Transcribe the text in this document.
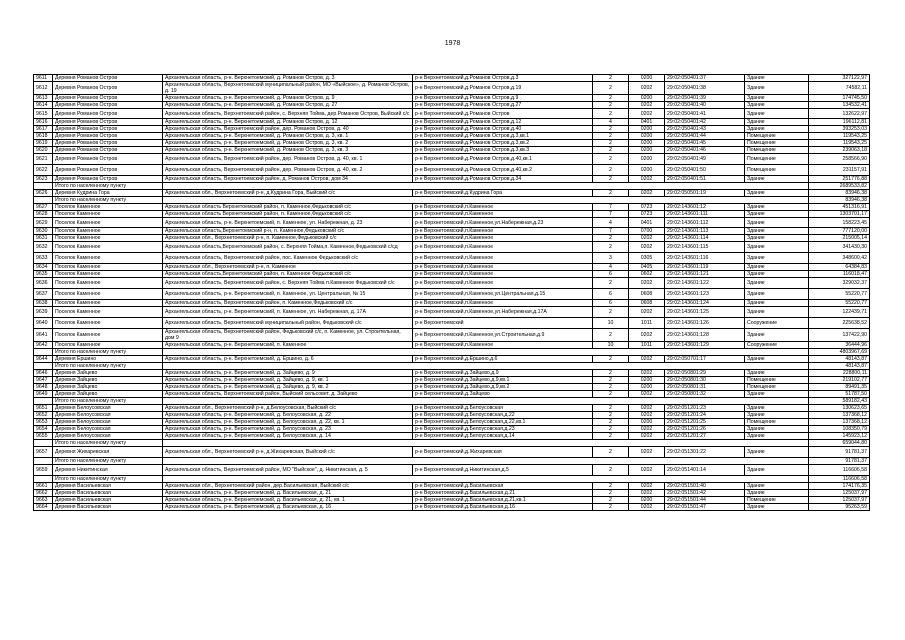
1978
9611	Деревня Романов Остров	Архангельская область, р-н. Верхнетоемский, д. Романов Остров, д. 3	р-н Верхнетоемский,д.Романов Остров,д.3	2	0200	29:02:050401:37	Здание	327122,97
9612	Деревня Романов Остров	Архангельская область, Верхнетоемский муниципальный район, МО «Выйское», д. Романов Остров, д. 19	р-н Верхнетоемский,д.Романов Остров,д.19	2	0202	29:02:050401:38	Здание	74582,11
9613	Деревня Романов Остров	Архангельская область, р-н. Верхнетоемский, д. Романов Остров, д. 9	р-н Верхнетоемский,д.Романов Остров,д.9	2	0200	29:02:050401:39	Здание	174745,50
9614	Деревня Романов Остров	Архангельская область, р-н. Верхнетоемский, д. Романов Остров, д. 27	р-н Верхнетоемский,д.Романов Остров,д.27	2	0202	29:02:050401:40	Здание	134532,41
9615	Деревня Романов Остров	Архангельская область, Верхнетоемский район, с. Верхняя Тойма, дер.Романов Остров, Выйский с/с	р-н Верхнетоемский,д.Романов Остров	2	0202	29:02:050401:41	Здание	132622,97
9616	Деревня Романов Остров	Архангельская область, р-н. Верхнетоемский, д. Романов Остров, д. 12	р-н Верхнетоемский,д.Романов Остров,д.12	4	0401	29:02:050401:42	Здание	196112,81
9617	Деревня Романов Остров	Архангельская область, Верхнетоемский район, дер. Романов Остров, д. 40	р-н Верхнетоемский,д.Романов Остров,д.40	2	0200	29:02:050401:43	Здание	393253,03
9618	Деревня Романов Остров	Архангельская область, р-н. Верхнетоемский, д. Романов Остров, д. 3, кв. 1	р-н Верхнетоемский,д.Романов Остров,д.3,кв.1	2	0200	29:02:050401:44	Помещение	119543,25
9619	Деревня Романов Остров	Архангельская область, р-н. Верхнетоемский, д. Романов Остров, д. 3, кв. 2	р-н Верхнетоемский,д.Романов Остров,д.3,кв.2	2	0200	29:02:050401:45	Помещение	119543,25
9620	Деревня Романов Остров	Архангельская область, р-н. Верхнетоемский, д. Романов Остров, д. 3, кв. 3	р-н Верхнетоемский,д.Романов Остров,д.3,кв.3	2	0200	29:02:050401:46	Помещение	239063,18
9621	Деревня Романов Остров	Архангельская область, Верхнетоемский район, дер. Романов Остров, д. 40, кв. 1	р-н Верхнетоемский,д.Романов Остров,д.40,кв.1	2	0200	29:02:050401:49	Помещение	258566,90
9622	Деревня Романов Остров	Архангельская область, Верхнетоемский район, дер. Романов Остров, д. 40, кв. 2	р-н Верхнетоемский,д.Романов Остров,д.40,кв.2	2	0200	29:02:050401:50	Помещение	231157,91
9623	Деревня Романов Остров	Архангельская область, Верхнетоемский район, д. Романов Остров, дом 34	р-н Верхнетоемский,д.Романов Остров,д.34	2	0202	29:02:050401:51	Здание	251776,88
	Итого по населенному пункту							2689533,82
9626	Деревня Кудрина Гора	Архангельская обл., Верхнетоемский р-н, д.Кудрина Гора, Выйский с/с	р-н Верхнетоемский,д.Кудрина Гора	2	0202	29:02:050501:19	Здание	83946,38
	Итого по населенному пункту							83946,38
9627	Поселок Каменное	Архангельская область Верхнетоемский район, п. Каменное,Федьковский с/с	р-н Верхнетоемский,п.Каменное	7	0723	29:02:143601:12	Здание	451316,91
9628	Поселок Каменное	Архангельская область Верхнетоемский район, п. Каменное,Федьковский с/с	р-н Верхнетоемский,п.Каменное	7	0723	29:02:143601:111	Здание	1303701,17
9629	Поселок Каменное	Архангельская область, р-н. Верхнетоемский, п. Каменное, ул. Набережная, д. 23	р-н Верхнетоемский,п.Каменное,ул.Набережная,д.23	4	0401	29:02:143601:112	Здание	158223,45
9630	Поселок Каменное	Архангельская область,Верхнетоемский р-н, п. Каменное,Федьковский с/с	р-н Верхнетоемский,п.Каменное	7	0700	29:02:143601:113	Здание	777120,00
9631	Поселок Каменное	Архангельская обл., Верхнетоемский р-н, п. Каменное,Федьковский с/с	р-н Верхнетоемский,п.Каменное	2	0202	29:02:143601:114	Здание	215005,14
9632	Поселок Каменное	Архангельская область,Верхнетоемский район, с. Верхняя Тойма,п. Каменное,Федьковский с/сд	р-н Верхнетоемский,п.Каменное	2	0202	29:02:143601:115	Здание	341430,30
9633	Поселок Каменное	Архангельская область, Верхнетоемский район, пос. Каменное Федьковский с/с	р-н Верхнетоемский,п.Каменное	3	0305	29:02:143601:116	Здание	348600,42
9634	Поселок Каменное	Архангельская обл., Верхнетоемский р-н, п. Каменное	р-н Верхнетоемский,п.Каменное	4	0405	29:02:143601:119	Здание	64384,83
9635	Поселок Каменное	Архангельская область,Верхнетоемский район, п. Каменное Федьковский с/с	р-н Верхнетоемский,п.Каменное	6	0602	29:02:143601:121	Здание	116018,47
9636	Поселок Каменное	Архангельская область, Верхнетоемский район, с. Верхняя Тойма п.Каменное Федьковский с/с	р-н Верхнетоемский,п.Каменное	2	0202	29:02:143601:122	Здание	329032,37
9637	Поселок Каменное	Архангельская область, р-н. Верхнетоемский, п. Каменное, ул. Центральная, № 15	р-н Верхнетоемский,п.Каменное,ул.Центральная,д.15	6	0608	29:02:143601:123	Здание	55220,77
9638	Поселок Каменное	Архангельская область, Верхнетоемский район, п. Каменное,Федьковский с/с	р-н Верхнетоемский,п.Каменное	6	0608	29:02:143601:124	Здание	55220,77
9639	Поселок Каменное	Архангельская область, р-н. Верхнетоемский, п. Каменное, ул. Набережная, д. 17А	р-н Верхнетоемский,п.Каменное,ул.Набережная,д.17А	2	0202	29:02:143601:125	Здание	122439,71
9640	Поселок Каменное	Архангельская область, Верхнетоемский муниципальный район, Федьковский с/с	р-н Верхнетоемский	10	1011	29:02:143601:126	Сооружение	225638,52
9641	Поселок Каменное	Архангельская область, Верхнетоемский район, Федьковский с/с, п. Каменное, ул. Строительная, дом 9	р-н Верхнетоемский,п.Каменное,ул.Строительная,д.9	2	0202	29:02:143601:128	Здание	137422,90
9642	Поселок Каменное	Архангельская область, р-н. Верхнетоемский, п. Каменное	р-н Верхнетоемский,п.Каменное	10	1011	29:02:143601:129	Сооружение	36444,96
	Итого по населенному пункту							4803967,69
9644	Деревня Ершино	Архангельская область, р-н. Верхнетоемский, д. Ершино, д. 6	р-н Верхнетоемский,д.Ершино,д.6	2	0202	29:02:050701:17	Здание	48143,87
	Итого по населенному пункту							48143,87
9646	Деревня Зайцево	Архангельская область, р-н. Верхнетоемский, д. Зайцево, д. 9	р-н Верхнетоемский,д.Зайцево,д.9	2	0202	29:02:050801:29	Здание	228800,11
9647	Деревня Зайцево	Архангельская область, р-н. Верхнетоемский, д. Зайцево, д. 9, кв. 1	р-н Верхнетоемский,д.Зайцево,д.9,кв.1	2	0200	29:02:050801:30	Помещение	219102,77
9648	Деревня Зайцево	Архангельская область, р-н. Верхнетоемский, д. Зайцево, д. 9, кв. 2	р-н Верхнетоемский,д.Зайцево,д.9,кв.2	2	0200	29:02:050801:31	Помещение	89491,35
9649	Деревня Зайцево	Архангельская область, Верхнетоемский район, Выйский сельсовет, д. Зайцево	р-н Верхнетоемский,д.Зайцево	2	0202	29:02:050801:32	Здание	51787,50
	Итого по населенному пункту							589182,43
9651	Деревня Белоусовская	Архангельская обл., Верхнетоемский р-н, д.Белоусовская, Выйский с/с	р-н Верхнетоемский,д.Белоусовская	2	0202	29:02:051201:23	Здание	130623,65
9652	Деревня Белоусовская	Архангельская область, р-н. Верхнетоемский, д. Белоусовская, д. 22	р-н Верхнетоемский,д.Белоусовская,д.22	2	0202	29:02:051201:24	Здание	137368,12
9653	Деревня Белоусовская	Архангельская область, р-н. Верхнетоемский, д. Белоусовская, д. 22, кв. 1	р-н Верхнетоемский,д.Белоусовская,д.22,кв.1	2	0200	29:02:051201:25	Помещение	137368,12
9654	Деревня Белоусовская	Архангельская область, р-н. Верхнетоемский, д. Белоусовская, д. 23	р-н Верхнетоемский,д.Белоусовская,д.23	2	0202	29:02:051201:26	Здание	108350,79
9655	Деревня Белоусовская	Архангельская область, р-н. Верхнетоемский, д. Белоусовская, д. 14	р-н Верхнетоемский,д.Белоусовская,д.14	2	0202	29:02:051201:27	Здание	145923,12
	Итого по населенному пункту							659044,80
9657	Деревня Жихаревская	Архангельская обл., Верхнетоемский р-н, д.Жихаревская, Выйский с/с	р-н Верхнетоемский,д.Жихаревская	2	0202	29:02:051301:22	Здание	91781,37
	Итого по населенному пункту							91781,37
9659	Деревня Никитинская	Архангельская область, Верхнетоемский район, МО "Выйское", д. Никитинская, д. 5	р-н Верхнетоемский,д.Никитинская,д.5	2	0202	29:02:051401:14	Здание	116606,58
	Итого по населенному пункту							116606,58
9661	Деревня Васильевская	Архангельская обл., Верхнетоемский район, дер.Васильевская, Выйский с/с	р-н Верхнетоемский,д.Васильевская	2	0202	29:02:051501:40	Здание	174176,35
9662	Деревня Васильевская	Архангельская область, р-н. Верхнетоемский, д. Васильевская, д. 21	р-н Верхнетоемский,д.Васильевская,д.21	2	0202	29:02:051501:42	Здание	125037,97
9663	Деревня Васильевская	Архангельская область, р-н. Верхнетоемский, д. Васильевская, д. 21, кв. 1	р-н Верхнетоемский,д.Васильевская,д.21,кв.1	2	0200	29:02:051501:44	Помещение	125037,97
9664	Деревня Васильевская	Архангельская область, р-н. Верхнетоемский, д. Васильевская, д. 16	р-н Верхнетоемский,д.Васильевская,д.16	2	0202	29:02:051501:47	Здание	95263,59
